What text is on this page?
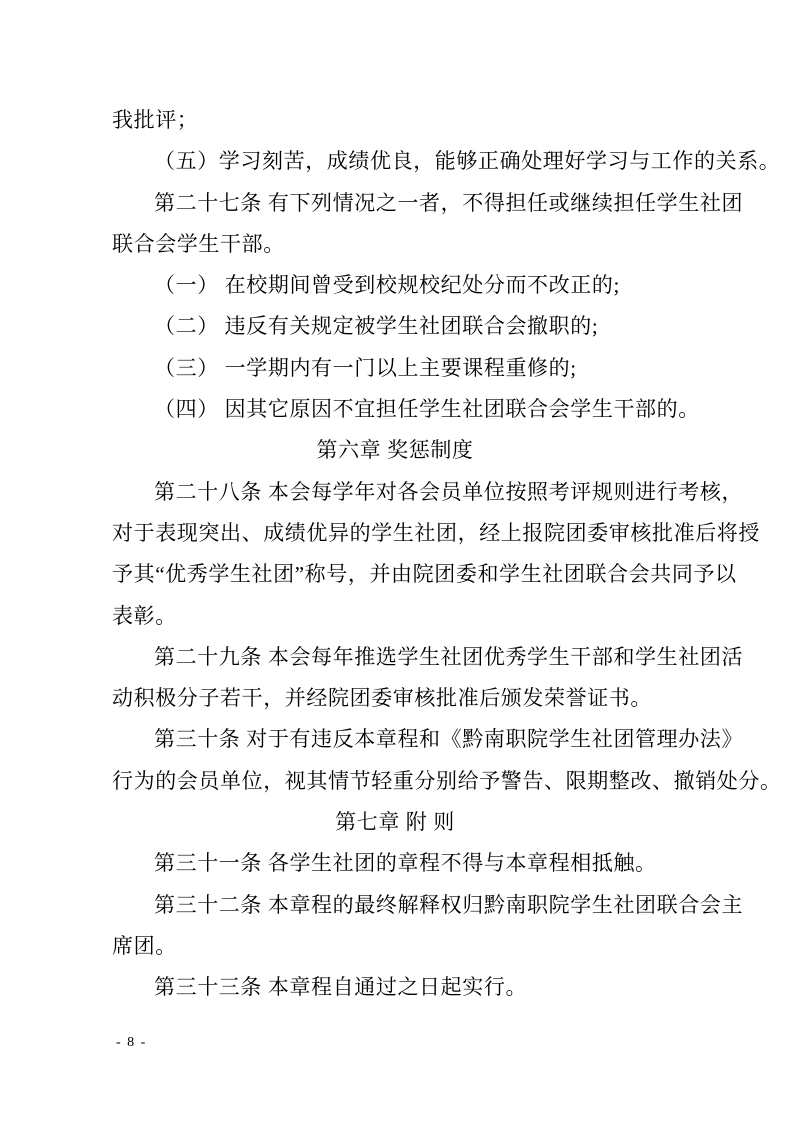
我批评；
（五）学习刻苦，成绩优良，能够正确处理好学习与工作的关系。
第二十七条 有下列情况之一者，不得担任或继续担任学生社团
联合会学生干部。
（一） 在校期间曾受到校规校纪处分而不改正的;
（二） 违反有关规定被学生社团联合会撤职的;
（三） 一学期内有一门以上主要课程重修的;
（四） 因其它原因不宜担任学生社团联合会学生干部的。
第六章 奖惩制度
第二十八条 本会每学年对各会员单位按照考评规则进行考核，
对于表现突出、成绩优异的学生社团，经上报院团委审核批准后将授
予其“优秀学生社团”称号，并由院团委和学生社团联合会共同予以
表彰。
第二十九条 本会每年推选学生社团优秀学生干部和学生社团活
动积极分子若干，并经院团委审核批准后颁发荣誉证书。
第三十条 对于有违反本章程和《黔南职院学生社团管理办法》
行为的会员单位，视其情节轻重分别给予警告、限期整改、撤销处分。
第七章 附 则
第三十一条 各学生社团的章程不得与本章程相抵触。
第三十二条 本章程的最终解释权归黔南职院学生社团联合会主
席团。
第三十三条 本章程自通过之日起实行。
- 8 -
